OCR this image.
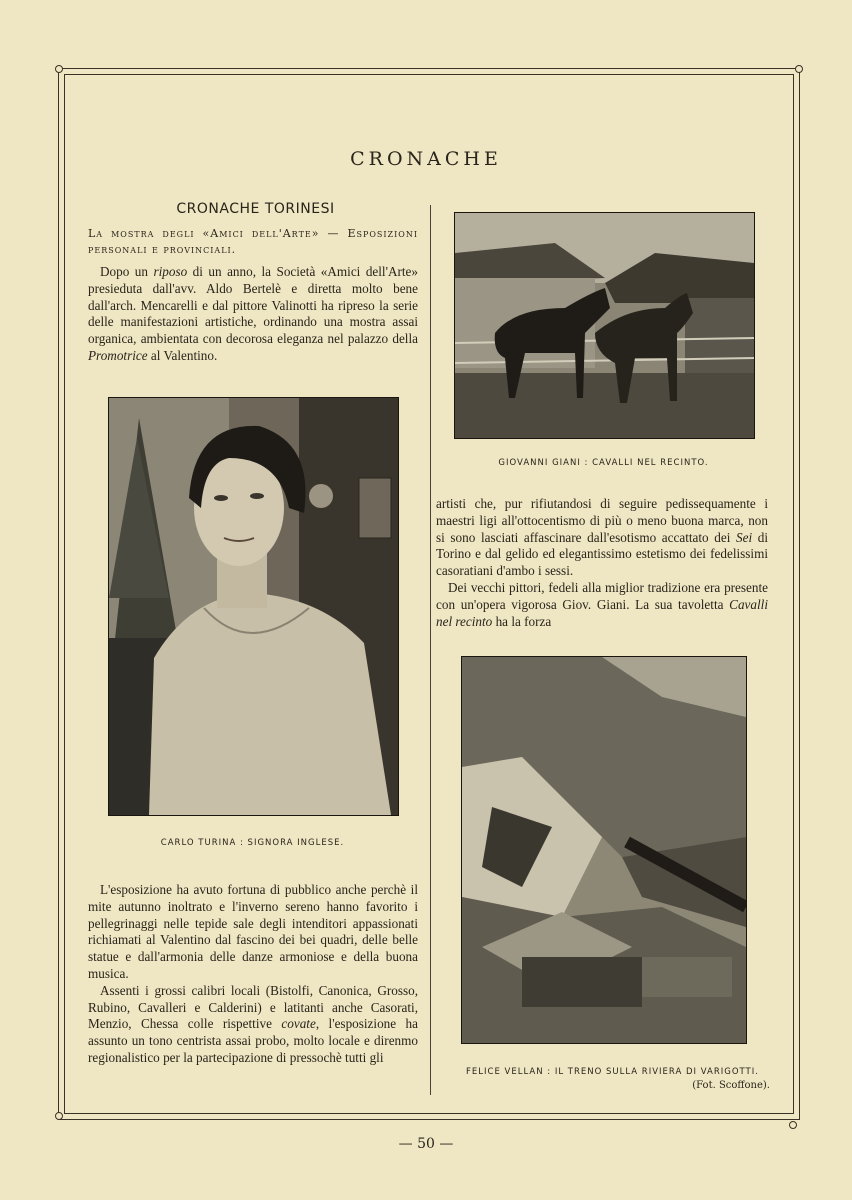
CRONACHE
CRONACHE TORINESI
La mostra degli «Amici dell'Arte» — Esposizioni personali e provinciali.

Dopo un riposo di un anno, la Società «Amici dell'Arte» presieduta dall'avv. Aldo Bertelè e diretta molto bene dall'arch. Mencarelli e dal pittore Valinotti ha ripreso la serie delle manifestazioni artistiche, ordinando una mostra assai organica, ambientata con decorosa eleganza nel palazzo della Promotrice al Valentino.

CARLO TURINA : SIGNORA INGLESE.

L'esposizione ha avuto fortuna di pubblico anche perchè il mite autunno inoltrato e l'inverno sereno hanno favorito i pellegrinaggi nelle tepide sale degli intenditori appassionati richiamati al Valentino dal fascino dei bei quadri, delle belle statue e dall'armonia delle danze armoniose e della buona musica.

Assenti i grossi calibri locali (Bistolfi, Canonica, Grosso, Rubino, Cavalleri e Calderini) e latitanti anche Casorati, Menzio, Chessa colle rispettive covate, l'esposizione ha assunto un tono centrista assai probo, molto locale e direnmo regionalistico per la partecipazione di pressochè tutti gli

GIOVANNI GIANI : CAVALLI NEL RECINTO.

artisti che, pur rifiutandosi di seguire pedissequamente i maestri ligi all'ottocentismo di più o meno buona marca, non si sono lasciati affascinare dall'esotismo accattato dei Sei di Torino e dal gelido ed elegantissimo estetismo dei fedelissimi casoratiani d'ambo i sessi.

Dei vecchi pittori, fedeli alla miglior tradizione era presente con un'opera vigorosa Giov. Giani. La sua tavoletta Cavalli nel recinto ha la forza

FELICE VELLAN : IL TRENO SULLA RIVIERA DI VARIGOTTI.
(Fot. Scoffone).
— 50 —
